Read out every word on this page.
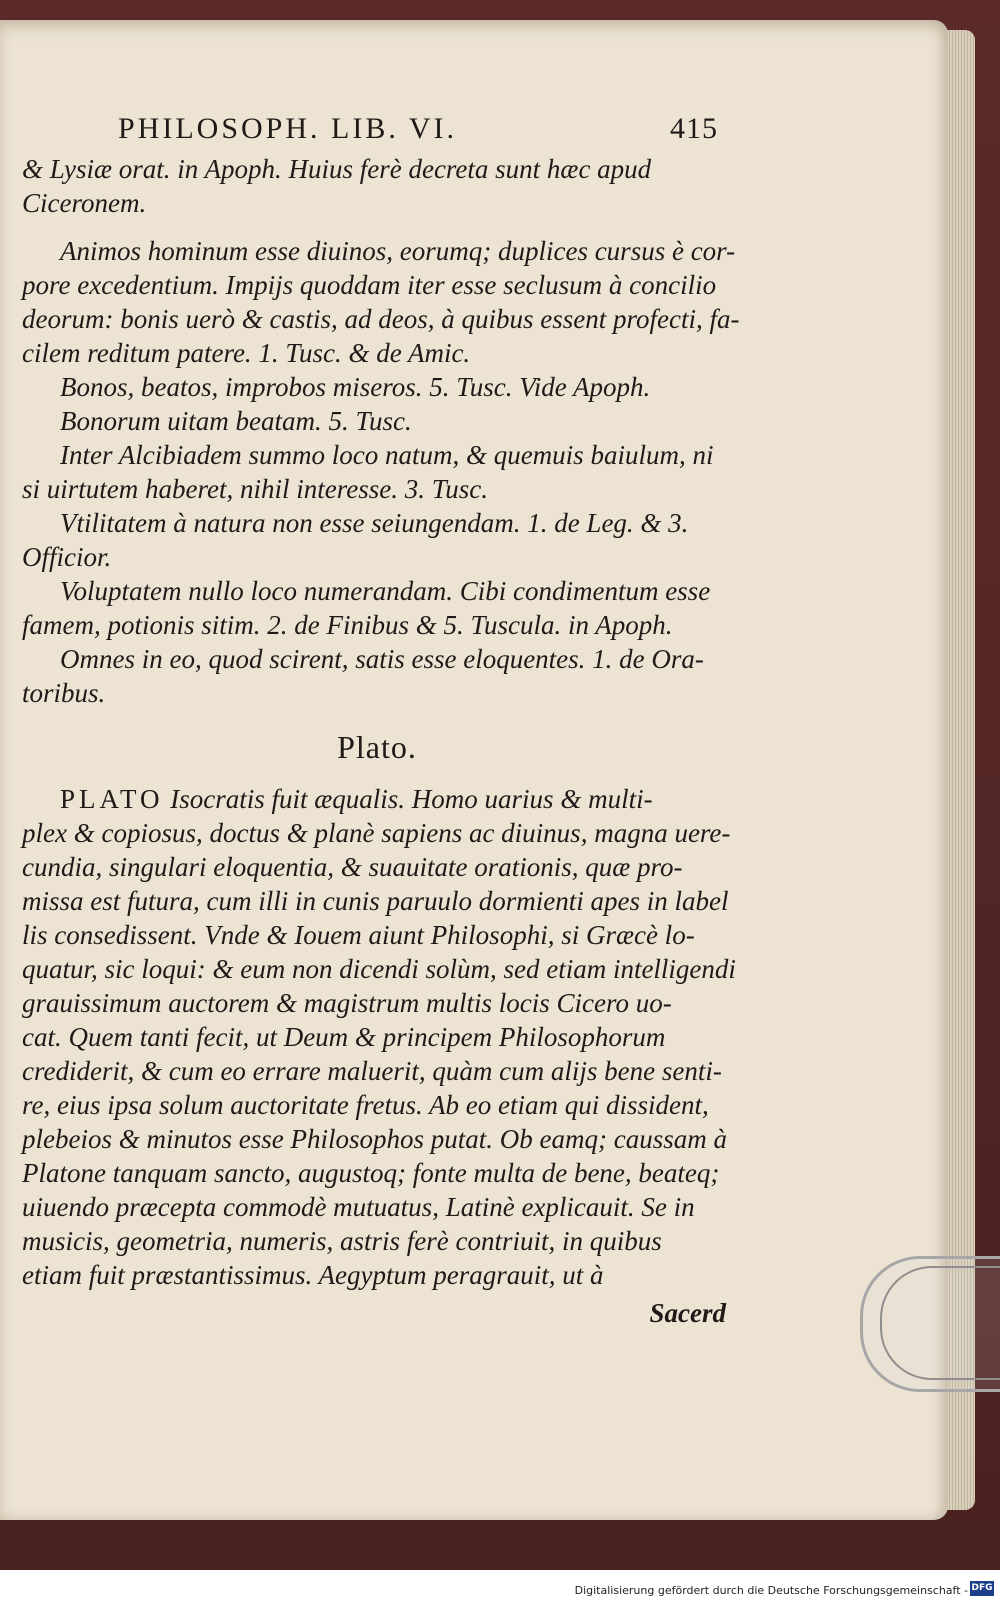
PHILOSOPH. LIB. VI.	415

& Lysiæ orat. in Apoph. Huius ferè decreta sunt hæc apud
Ciceronem.

Animos hominum esse diuinos, eorumq; duplices cursus è cor-
pore excedentium. Impijs quoddam iter esse seclusum à concilio
deorum: bonis uerò & castis, ad deos, à quibus essent profecti, fa-
cilem reditum patere. 1. Tusc. & de Amic.

Bonos, beatos, improbos miseros. 5. Tusc. Vide Apoph.

Bonorum uitam beatam. 5. Tusc.

Inter Alcibiadem summo loco natum, & quemuis baiulum, ni
si uirtutem haberet, nihil interesse. 3. Tusc.

Vtilitatem à natura non esse seiungendam. 1. de Leg. & 3.
Officior.

Voluptatem nullo loco numerandam. Cibi condimentum esse
famem, potionis sitim. 2. de Finibus & 5. Tuscula. in Apoph.

Omnes in eo, quod scirent, satis esse eloquentes. 1. de Ora-
toribus.

Plato.

PLATO Isocratis fuit æqualis. Homo uarius & multi-
plex & copiosus, doctus & planè sapiens ac diuinus, magna uere-
cundia, singulari eloquentia, & suauitate orationis, quæ pro-
missa est futura, cum illi in cunis paruulo dormienti apes in label
lis consedissent. Vnde & Iouem aiunt Philosophi, si Græcè lo-
quatur, sic loqui: & eum non dicendi solùm, sed etiam intelligendi
grauissimum auctorem & magistrum multis locis Cicero uo-
cat. Quem tanti fecit, ut Deum & principem Philosophorum
crediderit, & cum eo errare maluerit, quàm cum alijs bene senti-
re, eius ipsa solum auctoritate fretus. Ab eo etiam qui dissident,
plebeios & minutos esse Philosophos putat. Ob eamq; caussam à
Platone tanquam sancto, augustoq; fonte multa de bene, beateq;
uiuendo præcepta commodè mutuatus, Latinè explicauit. Se in
musicis, geometria, numeris, astris ferè contriuit, in quibus
etiam fuit præstantissimus. Aegyptum peragrauit, ut à

Sacerd
Digitalisierung gefördert durch die Deutsche Forschungsgemeinschaft - DFG
